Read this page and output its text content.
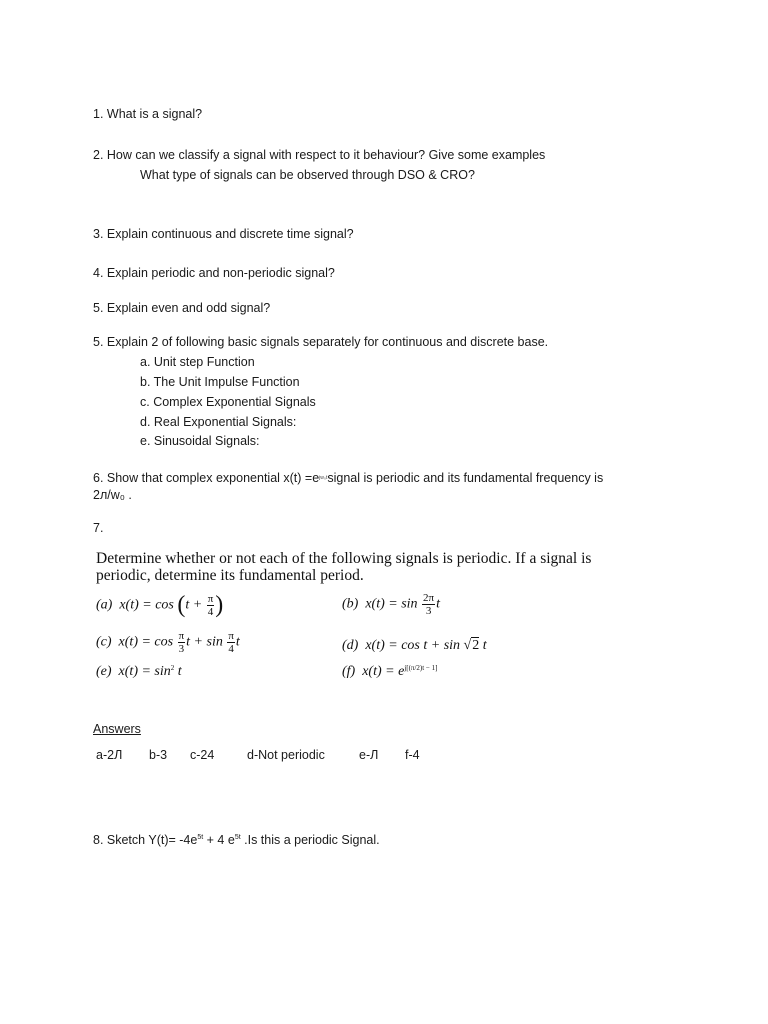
1. What is a signal?
2. How can we classify a signal with respect to it behaviour? Give some examples
What type of signals can be observed through DSO & CRO?
3. Explain continuous and discrete time signal?
4. Explain periodic and non-periodic signal?
5. Explain even and odd signal?
5. Explain 2 of following basic signals separately for continuous and discrete base.
a. Unit step Function
b. The Unit Impulse Function
c. Complex Exponential Signals
d. Real Exponential Signals:
e. Sinusoidal Signals:
6. Show that complex exponential $x(t) =e^{jw_0t}signal$ is periodic and its fundamental frequency is
2л/w₀ .
7.
Determine whether or not each of the following signals is periodic. If a signal is
periodic, determine its fundamental period.
(a) $x(t) = \cos (t + \frac{\pi}{4}$ )	(b) $x(t) = \sin \frac{2\pi}{3}$ t
(c) $x(t) = \cos \frac{\pi}{3}$ $t + \sin \frac{\pi}{4}$ t	(d) x(t) = cos t + sin √2 t
(e) $x(t) = \sin^2 t$	(f) $x(t) = e^{j[(\pi/2)t - 1]}$
Answers
a-2Л b-3 c-24	d-Not periodic	e-Л f-4
8. Sketch $Y(t)= -4e^{5t} + 4$ $e^{5t}$ .Is this a periodic Signal.
